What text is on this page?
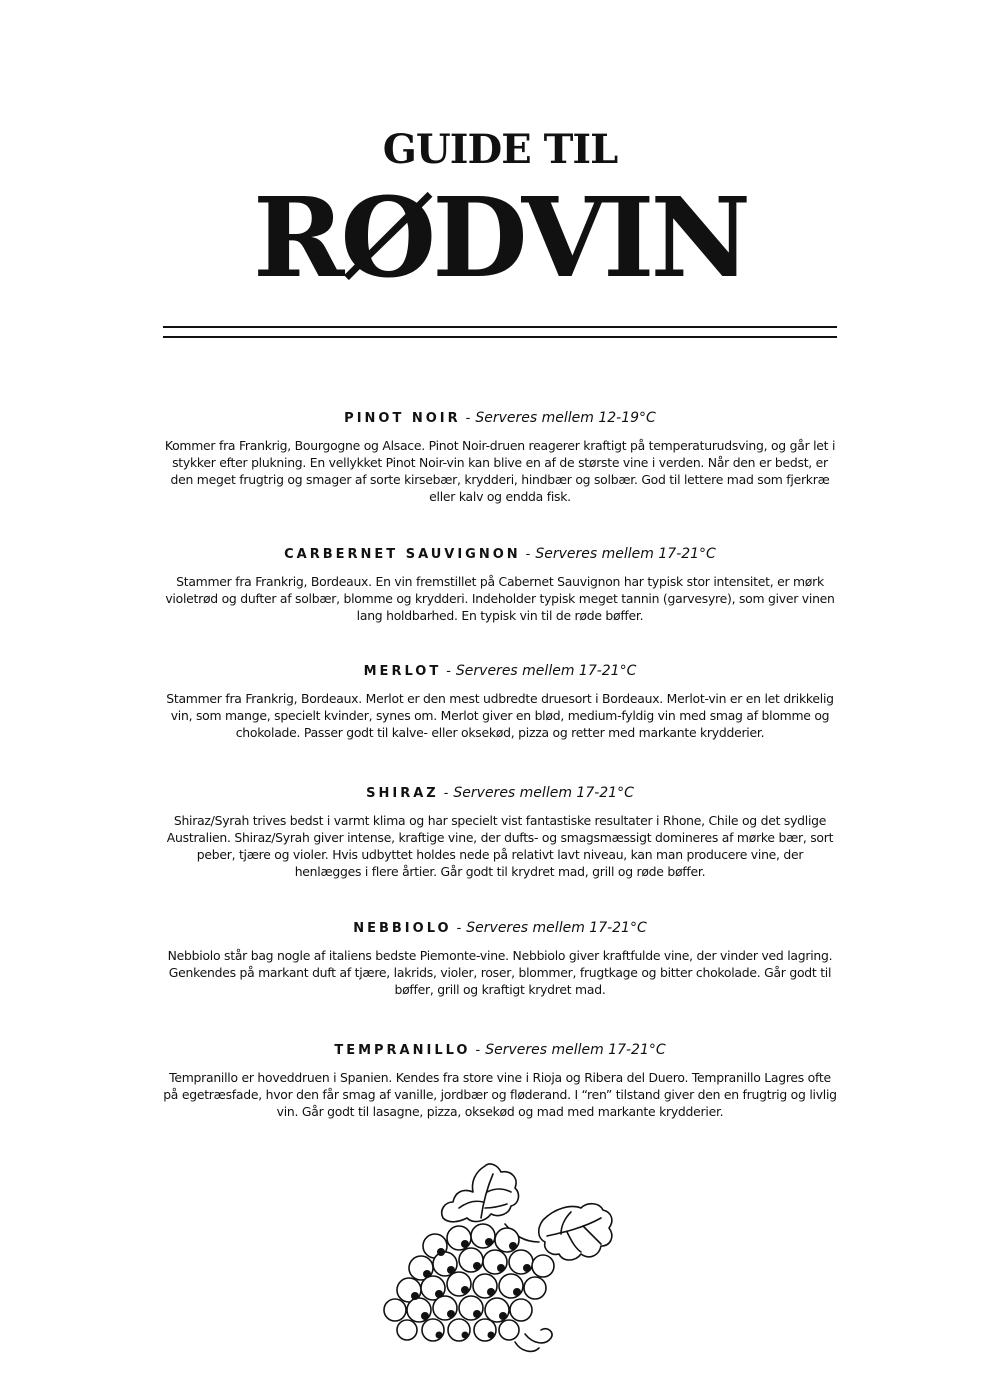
GUIDE TIL
RØDVIN
PINOT NOIR - Serveres mellem 12-19°C

Kommer fra Frankrig, Bourgogne og Alsace. Pinot Noir-druen reagerer kraftigt på temperaturudsving, og går let i stykker efter plukning. En vellykket Pinot Noir-vin kan blive en af de største vine i verden. Når den er bedst, er den meget frugtrig og smager af sorte kirsebær, krydderi, hindbær og solbær. God til lettere mad som fjerkræ eller kalv og endda fisk.

CARBERNET SAUVIGNON - Serveres mellem 17-21°C

Stammer fra Frankrig, Bordeaux. En vin fremstillet på Cabernet Sauvignon har typisk stor intensitet, er mørk violetrød og dufter af solbær, blomme og krydderi. Indeholder typisk meget tannin (garvesyre), som giver vinen lang holdbarhed. En typisk vin til de røde bøffer.

MERLOT - Serveres mellem 17-21°C

Stammer fra Frankrig, Bordeaux. Merlot er den mest udbredte druesort i Bordeaux. Merlot-vin er en let drikkelig vin, som mange, specielt kvinder, synes om. Merlot giver en blød, medium-fyldig vin med smag af blomme og chokolade. Passer godt til kalve- eller oksekød, pizza og retter med markante krydderier.

SHIRAZ - Serveres mellem 17-21°C

Shiraz/Syrah trives bedst i varmt klima og har specielt vist fantastiske resultater i Rhone, Chile og det sydlige Australien. Shiraz/Syrah giver intense, kraftige vine, der dufts- og smagsmæssigt domineres af mørke bær, sort peber, tjære og violer. Hvis udbyttet holdes nede på relativt lavt niveau, kan man producere vine, der henlægges i flere årtier. Går godt til krydret mad, grill og røde bøffer.

NEBBIOLO - Serveres mellem 17-21°C

Nebbiolo står bag nogle af italiens bedste Piemonte-vine. Nebbiolo giver kraftfulde vine, der vinder ved lagring. Genkendes på markant duft af tjære, lakrids, violer, roser, blommer, frugtkage og bitter chokolade. Går godt til bøffer, grill og kraftigt krydret mad.

TEMPRANILLO - Serveres mellem 17-21°C

Tempranillo er hoveddruen i Spanien. Kendes fra store vine i Rioja og Ribera del Duero. Tempranillo Lagres ofte på egetræsfade, hvor den får smag af vanille, jordbær og fløderand. I “ren” tilstand giver den en frugtrig og livlig vin. Går godt til lasagne, pizza, oksekød og mad med markante krydderier.
